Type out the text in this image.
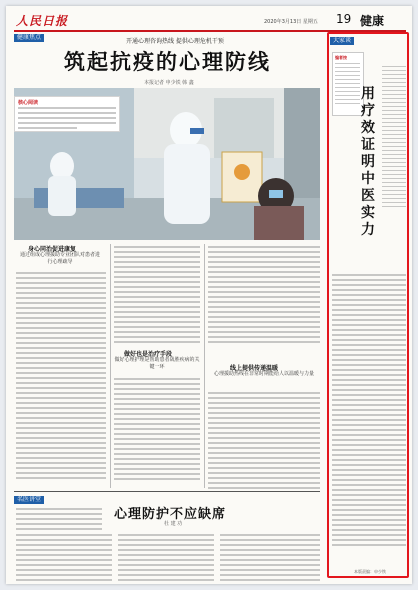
人民日报	2020年3月13日 星期五 19 健康
健康焦点
开通心理咨询热线 提供心理危机干预
筑起抗疫的心理防线
本报记者 申少铁 韩 鑫
核心阅读
身心同治促进康复
通过组成心理援助专业团队对患者进行心理疏导
做好也是治疗手段
做好心理护理是帮助患者战胜疾病的关键一环	线上提供传递温暖
心理援助热线在非常时期能给人以温暖与力量
名医讲堂
心理防护不应缺席
杜 建 功
大家谈
编者按
用疗效证明中医实力
本版责编：申少铁
